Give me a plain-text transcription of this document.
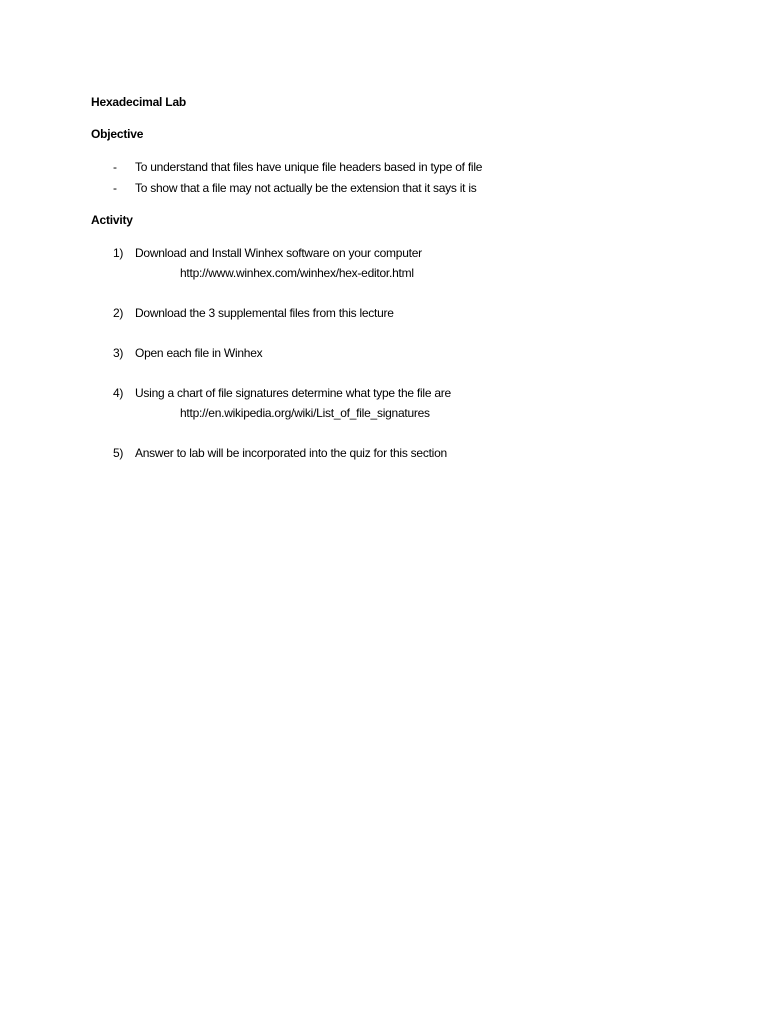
Hexadecimal Lab
Objective
- To understand that files have unique file headers based in type of file
- To show that a file may not actually be the extension that it says it is
Activity
1) Download and Install Winhex software on your computer
http://www.winhex.com/winhex/hex-editor.html
2) Download the 3 supplemental files from this lecture
3) Open each file in Winhex
4) Using a chart of file signatures determine what type the file are
http://en.wikipedia.org/wiki/List_of_file_signatures
5) Answer to lab will be incorporated into the quiz for this section
